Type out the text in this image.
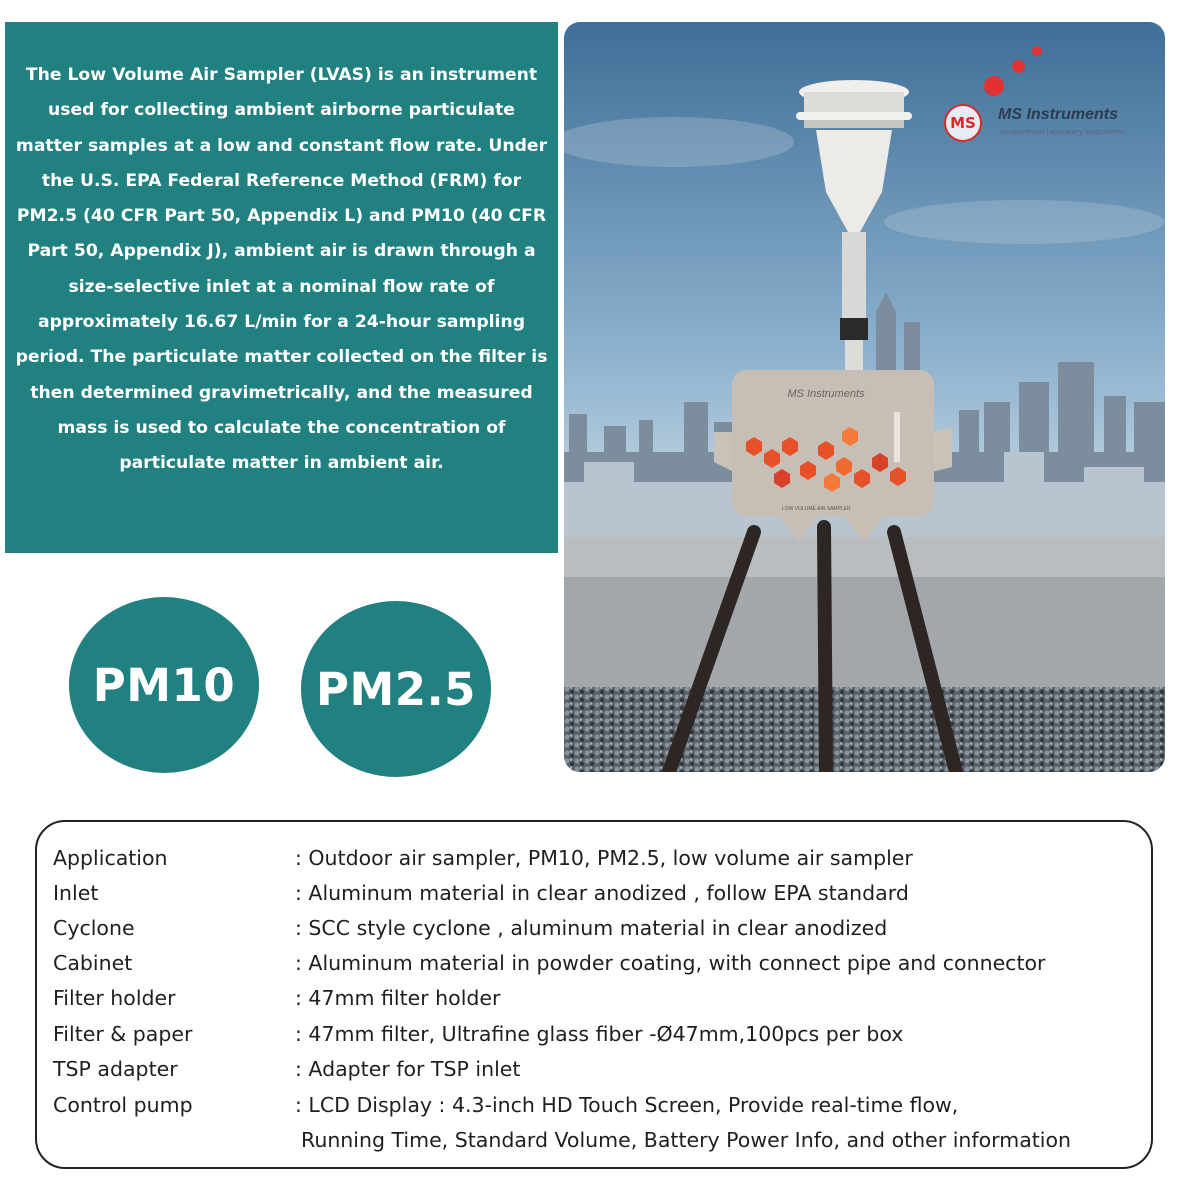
The Low Volume Air Sampler (LVAS) is an instrument used for collecting ambient airborne particulate matter samples at a low and constant flow rate. Under the U.S. EPA Federal Reference Method (FRM) for PM2.5 (40 CFR Part 50, Appendix L) and PM10 (40 CFR Part 50, Appendix J), ambient air is drawn through a size-selective inlet at a nominal flow rate of approximately 16.67 L/min for a 24-hour sampling period. The particulate matter collected on the filter is then determined gravimetrically, and the measured mass is used to calculate the concentration of particulate matter in ambient air.

PM10 PM2.5
MS Instruments
LOW VOLUME AIR SAMPLER
MS	MS Instruments
environment laboratory instrument
Application	: Outdoor air sampler, PM10, PM2.5, low volume air sampler
Inlet	: Aluminum material in clear anodized , follow EPA standard
Cyclone	: SCC style cyclone , aluminum material in clear anodized
Cabinet	: Aluminum material in powder coating, with connect pipe and connector
Filter holder	: 47mm filter holder
Filter & paper	: 47mm filter, Ultrafine glass fiber -Ø47mm,100pcs per box
TSP adapter	: Adapter for TSP inlet
Control pump	: LCD Display : 4.3-inch HD Touch Screen, Provide real-time flow,
Running Time, Standard Volume, Battery Power Info, and other information
